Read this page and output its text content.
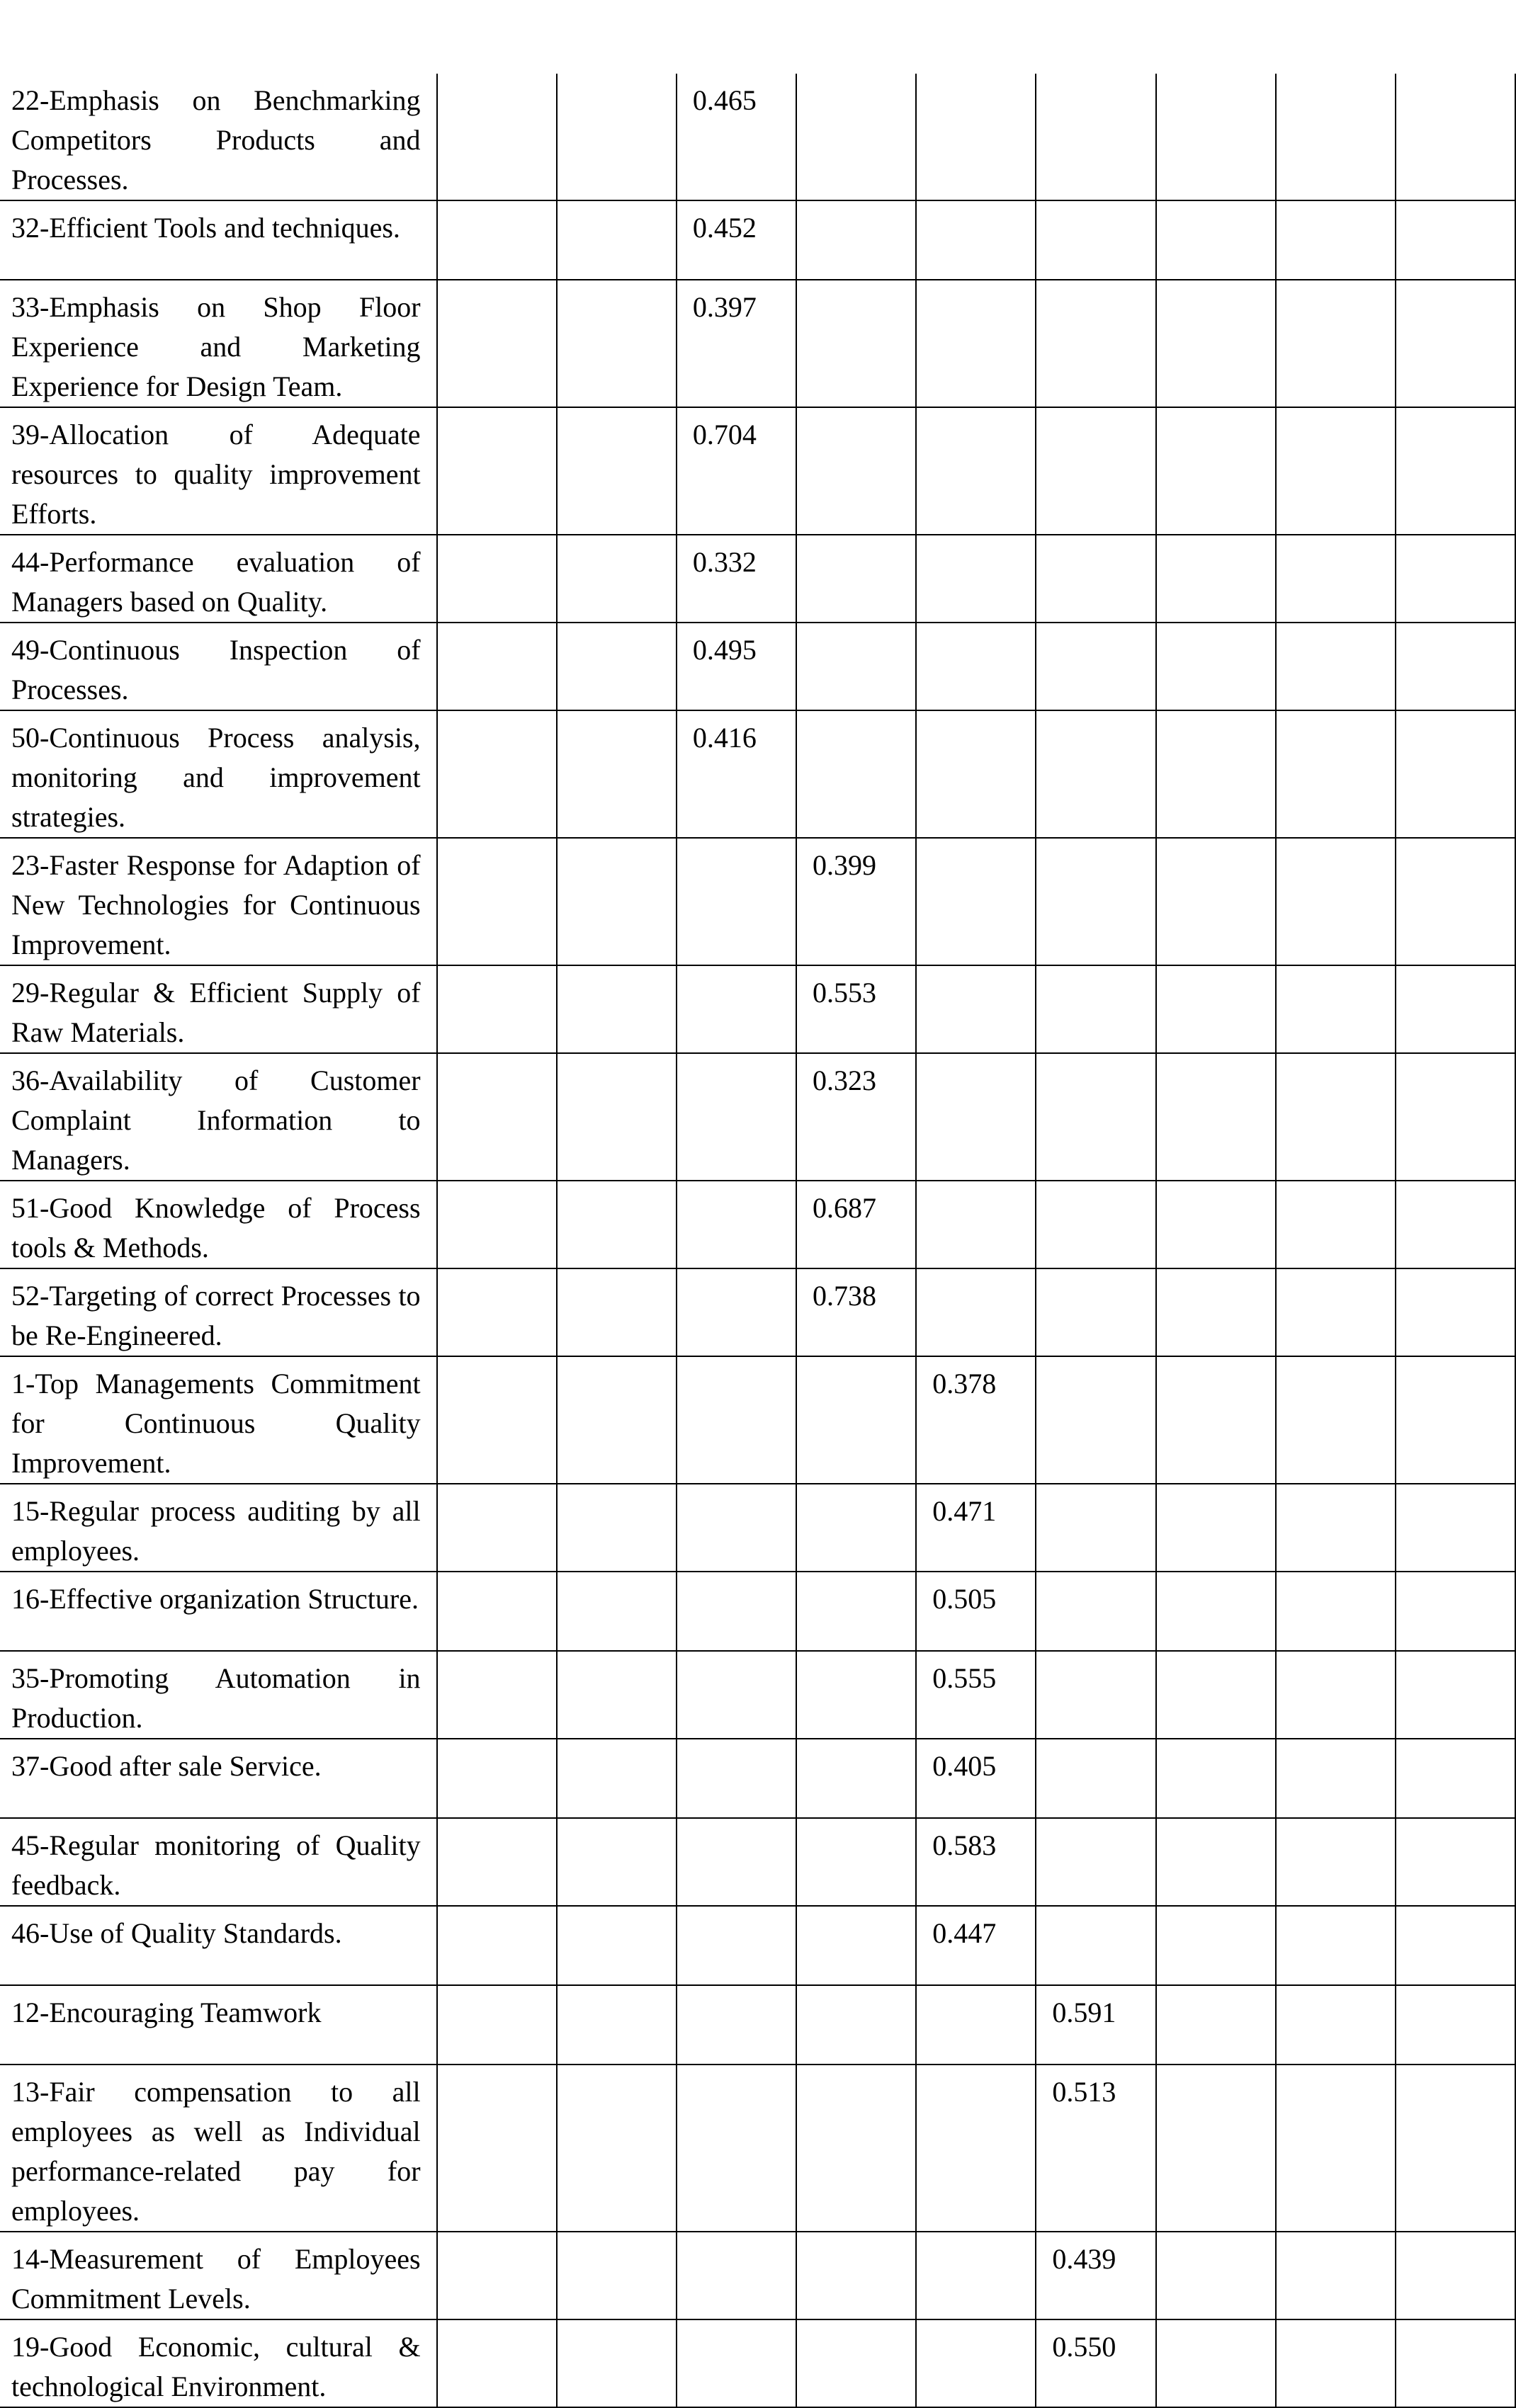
22-Emphasis on Benchmarking Competitors Products and Processes.			0.465						
32-Efficient Tools and techniques.			0.452						
33-Emphasis on Shop Floor Experience and Marketing Experience for Design Team.			0.397						
39-Allocation of Adequate resources to quality improvement Efforts.			0.704						
44-Performance evaluation of Managers based on Quality.			0.332						
49-Continuous Inspection of Processes.			0.495						
50-Continuous Process analysis, monitoring and improvement strategies.			0.416						
23-Faster Response for Adaption of New Technologies for Continuous Improvement.				0.399					
29-Regular & Efficient Supply of Raw Materials.				0.553					
36-Availability of Customer Complaint Information to Managers.				0.323					
51-Good Knowledge of Process tools & Methods.				0.687					
52-Targeting of correct Processes to be Re-Engineered.				0.738					
1-Top Managements Commitment for Continuous Quality Improvement.					0.378				
15-Regular process auditing by all employees.					0.471				
16-Effective organization Structure.					0.505				
35-Promoting Automation in Production.					0.555				
37-Good after sale Service.					0.405				
45-Regular monitoring of Quality feedback.					0.583				
46-Use of Quality Standards.					0.447				
12-Encouraging Teamwork						0.591			
13-Fair compensation to all employees as well as Individual performance-related pay for employees.						0.513			
14-Measurement of Employees Commitment Levels.						0.439			
19-Good Economic, cultural & technological Environment.						0.550			
